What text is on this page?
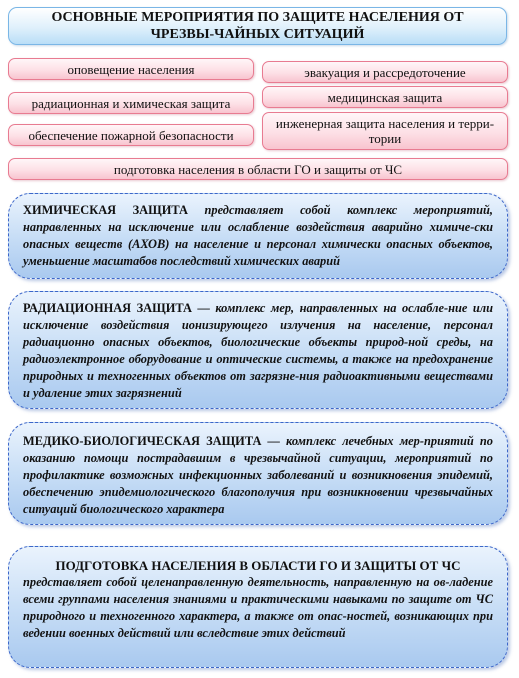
ОСНОВНЫЕ МЕРОПРИЯТИЯ ПО ЗАЩИТЕ НАСЕЛЕНИЯ ОТ ЧРЕЗВЫ-ЧАЙНЫХ СИТУАЦИЙ
оповещение населения	эвакуация и рассредоточение
радиационная и химическая защита	медицинская защита
обеспечение пожарной безопасности
инженерная защита населения и терри-тории
подготовка населения в области ГО и защиты от ЧС
ХИМИЧЕСКАЯ ЗАЩИТА представляет собой комплекс мероприятий, направленных на исключение или ослабление воздействия аварийно химиче-ски опасных веществ (АХОВ) на население и персонал химически опасных объектов, уменьшение масштабов последствий химических аварий
РАДИАЦИОННАЯ ЗАЩИТА — комплекс мер, направленных на ослабле-ние или исключение воздействия ионизирующего излучения на население, персонал радиационно опасных объектов, биологические объекты природ-ной среды, на радиоэлектронное оборудование и оптические системы, а также на предохранение природных и техногенных объектов от загрязне-ния радиоактивными веществами и удаление этих загрязнений
МЕДИКО-БИОЛОГИЧЕСКАЯ ЗАЩИТА — комплекс лечебных мер-приятий по оказанию помощи пострадавшим в чрезвычайной ситуации, мероприятий по профилактике возможных инфекционных заболеваний и возникновения эпидемий, обеспечению эпидемиологического благополучия при возникновении чрезвычайных ситуаций биологического характера
ПОДГОТОВКА НАСЕЛЕНИЯ В ОБЛАСТИ ГО И ЗАЩИТЫ ОТ ЧС
представляет собой целенаправленную деятельность, направленную на ов-ладение всеми группами населения знаниями и практическими навыками по защите от ЧС природного и техногенного характера, а также от опас-ностей, возникающих при ведении военных действий или вследствие этих действий
